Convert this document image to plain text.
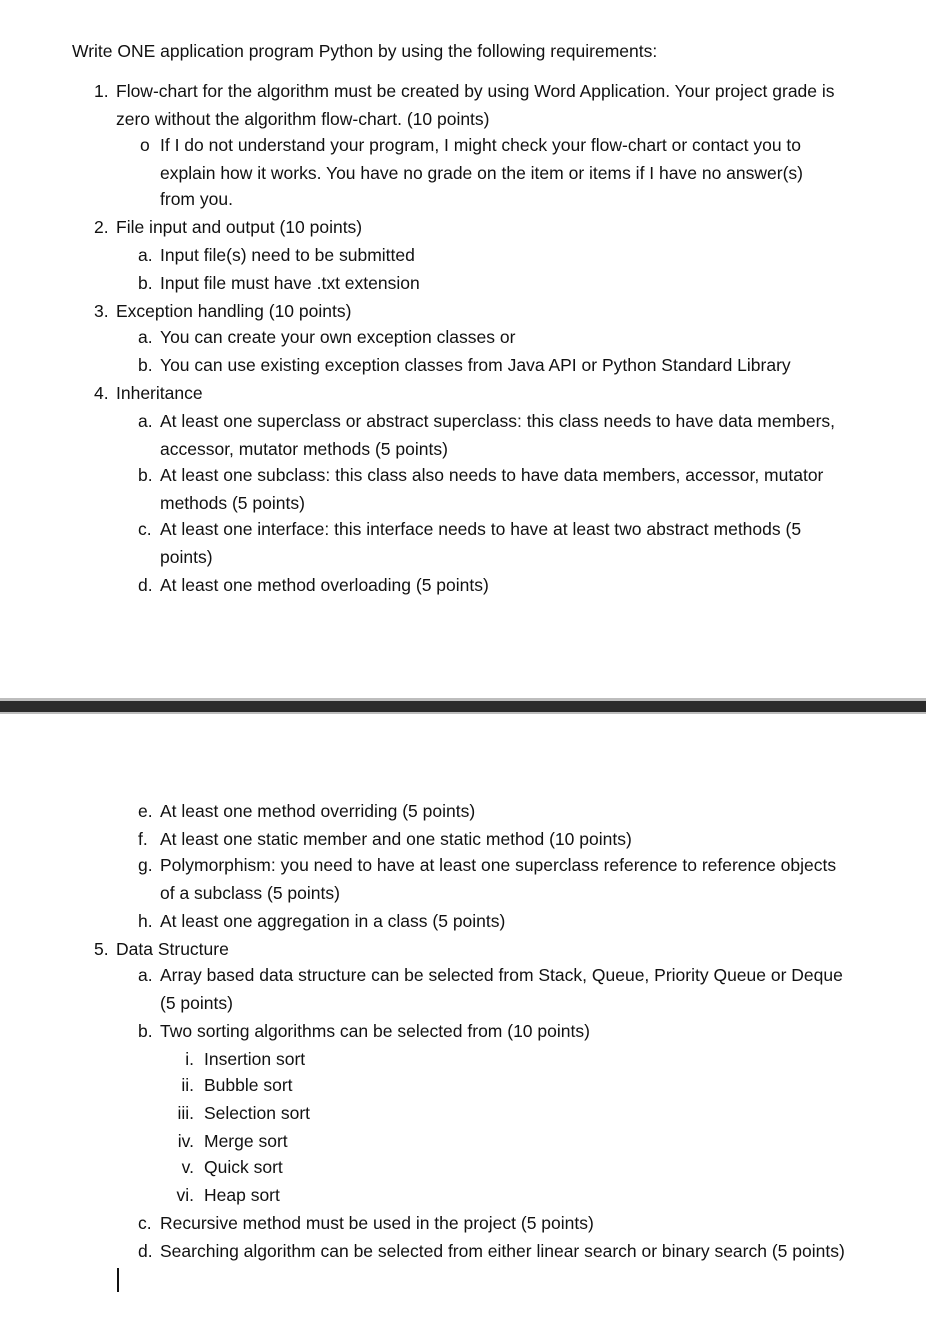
Write ONE application program Python by using the following requirements:
1. Flow-chart for the algorithm must be created by using Word Application. Your project grade is
zero without the algorithm flow-chart. (10 points)
o If I do not understand your program, I might check your flow-chart or contact you to
explain how it works. You have no grade on the item or items if I have no answer(s)
from you.
2. File input and output (10 points)
a. Input file(s) need to be submitted
b. Input file must have .txt extension
3. Exception handling (10 points)
a. You can create your own exception classes or
b. You can use existing exception classes from Java API or Python Standard Library
4. Inheritance
a. At least one superclass or abstract superclass: this class needs to have data members,
accessor, mutator methods (5 points)
b. At least one subclass: this class also needs to have data members, accessor, mutator
methods (5 points)
c. At least one interface: this interface needs to have at least two abstract methods (5
points)
d. At least one method overloading (5 points)
e. At least one method overriding (5 points)
f. At least one static member and one static method (10 points)
g. Polymorphism: you need to have at least one superclass reference to reference objects
of a subclass (5 points)
h. At least one aggregation in a class (5 points)
5. Data Structure
a. Array based data structure can be selected from Stack, Queue, Priority Queue or Deque
(5 points)
b. Two sorting algorithms can be selected from (10 points)
i. Insertion sort
ii. Bubble sort
iii. Selection sort
iv. Merge sort
v. Quick sort
vi. Heap sort
c. Recursive method must be used in the project (5 points)
d. Searching algorithm can be selected from either linear search or binary search (5 points)
